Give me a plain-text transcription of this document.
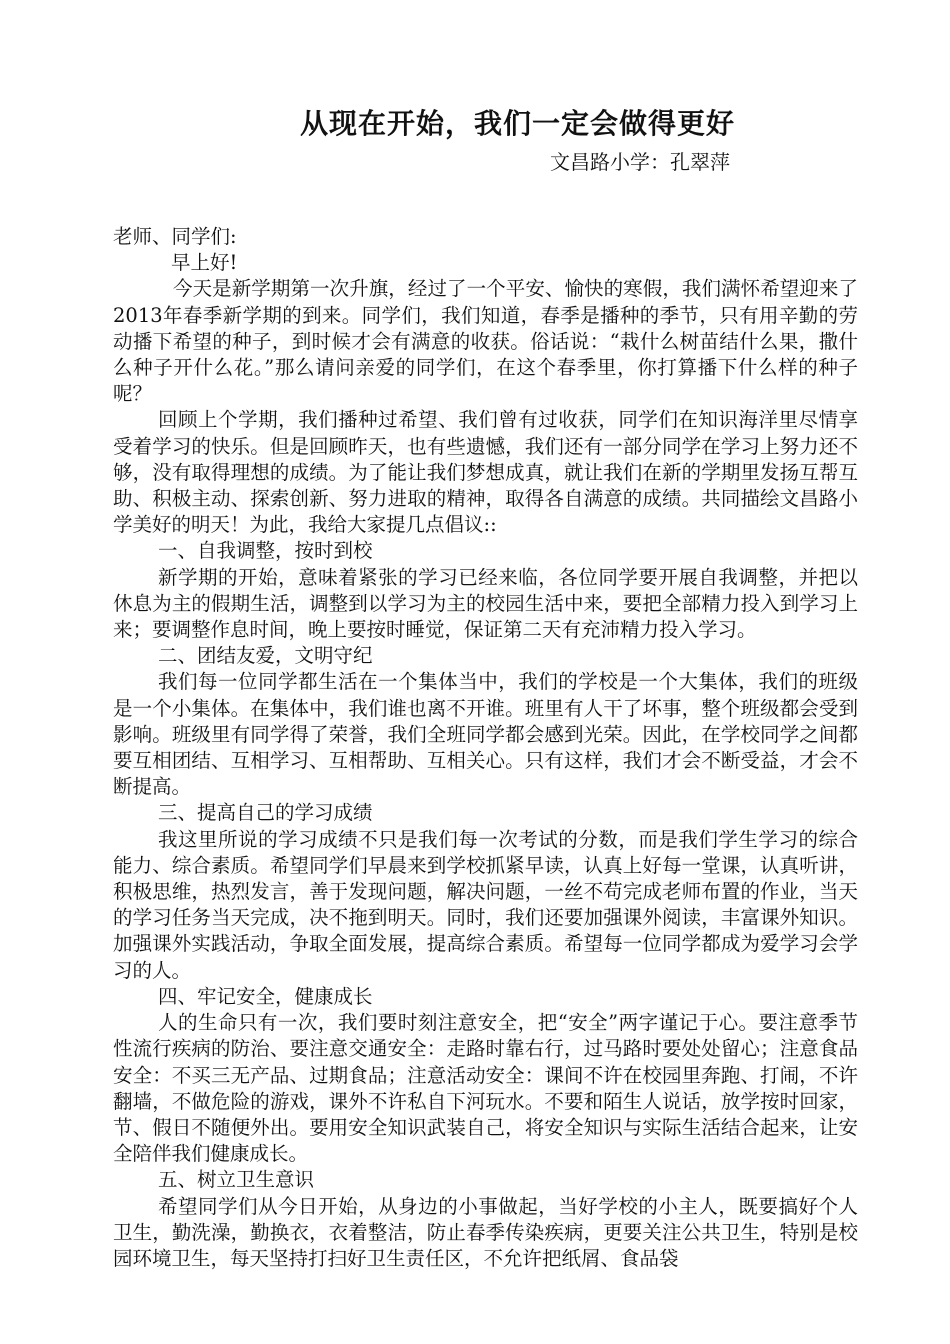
从现在开始，我们一定会做得更好
文昌路小学：孔翠萍

老师、同学们:

早上好!

今天是新学期第一次升旗，经过了一个平安、愉快的寒假，我们满怀希望迎来了2013年春季新学期的到来。同学们，我们知道，春季是播种的季节，只有用辛勤的劳动播下希望的种子，到时候才会有满意的收获。俗话说：“栽什么树苗结什么果，撒什么种子开什么花。”那么请问亲爱的同学们，在这个春季里，你打算播下什么样的种子呢？

回顾上个学期，我们播种过希望、我们曾有过收获，同学们在知识海洋里尽情享受着学习的快乐。但是回顾昨天，也有些遗憾，我们还有一部分同学在学习上努力还不够，没有取得理想的成绩。为了能让我们梦想成真，就让我们在新的学期里发扬互帮互助、积极主动、探索创新、努力进取的精神，取得各自满意的成绩。共同描绘文昌路小学美好的明天！为此，我给大家提几点倡议::

一、自我调整，按时到校

新学期的开始，意味着紧张的学习已经来临，各位同学要开展自我调整，并把以休息为主的假期生活，调整到以学习为主的校园生活中来，要把全部精力投入到学习上来；要调整作息时间，晚上要按时睡觉，保证第二天有充沛精力投入学习。

二、团结友爱，文明守纪

我们每一位同学都生活在一个集体当中，我们的学校是一个大集体，我们的班级是一个小集体。在集体中，我们谁也离不开谁。班里有人干了坏事，整个班级都会受到影响。班级里有同学得了荣誉，我们全班同学都会感到光荣。因此，在学校同学之间都要互相团结、互相学习、互相帮助、互相关心。只有这样，我们才会不断受益，才会不断提高。

三、提高自己的学习成绩

我这里所说的学习成绩不只是我们每一次考试的分数，而是我们学生学习的综合能力、综合素质。希望同学们早晨来到学校抓紧早读，认真上好每一堂课，认真听讲，积极思维，热烈发言，善于发现问题，解决问题，一丝不苟完成老师布置的作业，当天的学习任务当天完成，决不拖到明天。同时，我们还要加强课外阅读，丰富课外知识。加强课外实践活动，争取全面发展，提高综合素质。希望每一位同学都成为爱学习会学习的人。

四、牢记安全，健康成长

人的生命只有一次，我们要时刻注意安全，把“安全”两字谨记于心。要注意季节性流行疾病的防治、要注意交通安全：走路时靠右行，过马路时要处处留心；注意食品安全：不买三无产品、过期食品；注意活动安全：课间不许在校园里奔跑、打闹，不许翻墙，不做危险的游戏，课外不许私自下河玩水。不要和陌生人说话，放学按时回家，节、假日不随便外出。要用安全知识武装自己，将安全知识与实际生活结合起来，让安全陪伴我们健康成长。

五、树立卫生意识

希望同学们从今日开始，从身边的小事做起，当好学校的小主人，既要搞好个人卫生，勤洗澡，勤换衣，衣着整洁，防止春季传染疾病，更要关注公共卫生，特别是校园环境卫生，每天坚持打扫好卫生责任区，不允许把纸屑、食品袋
